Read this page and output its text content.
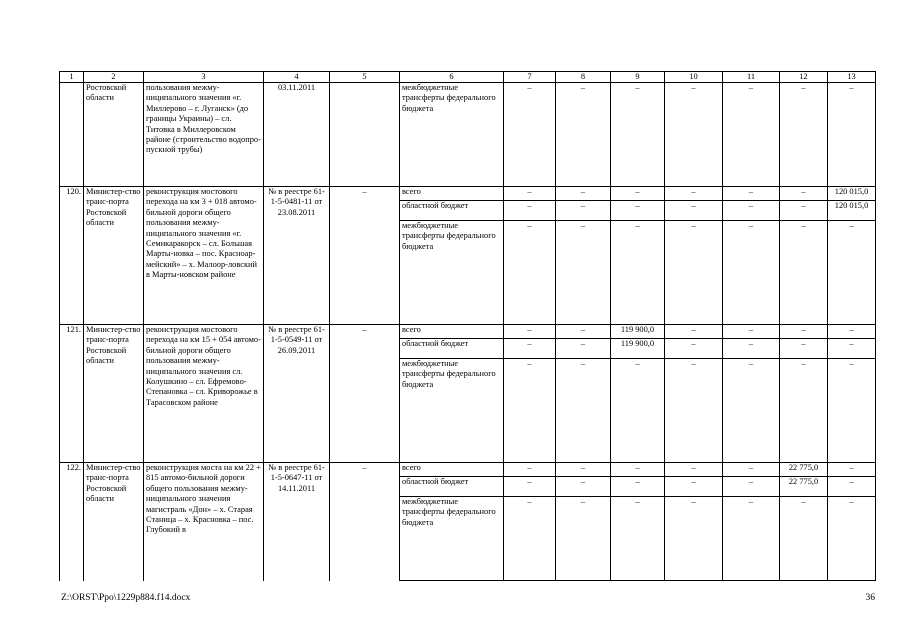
1	2	3	4	5	6	7	8	9	10	11	12	13
	Ростовской области	пользования межму-ниципального значения «г. Миллерово – г. Луганск» (до границы Украины) – сл. Титовка в Миллеровском районе (строительство водопро-пускной трубы)	03.11.2011		межбюджетные трансферты федерального бюджета	–	–	–	–	–	–	–
120.	Министер-ство транс-порта Ростовской области	реконструкция мостового перехода на км 3 + 018 автомо-бильной дороги общего пользования межму-ниципального значения «г. Семикаракорск – сл. Большая Марты-новка – пос. Краснoар-мейский» – х. Малоор-ловский в Марты-новском районе	№ в реестре 61-1-5-0481-11 от 23.08.2011	–	всего	–	–	–	–	–	–	120 015,0
					областной бюджет	–	–	–	–	–	–	120 015,0
					межбюджетные трансферты федерального бюджета	–	–	–	–	–	–	–
121.	Министер-ство транс-порта Ростовской области	реконструкция мостового перехода на км 15 + 054 автомо-бильной дороги общего пользования межму-ниципального значения сл. Колушкино – сл. Ефремово-Степановка – сл. Криворожье в Тарасовском районе	№ в реестре 61-1-5-0549-11 от 26.09.2011	–	всего	–	–	119 900,0	–	–	–	–
					областной бюджет	–	–	119 900,0	–	–	–	–
					межбюджетные трансферты федерального бюджета	–	–	–	–	–	–	–
122.	Министер-ство транс-порта Ростовской области	реконструкция моста на км 22 + 815 автомо-бильной дороги общего пользования межму-ниципального значения магистраль «Дон» – х. Старая Станица – х. Красновка – пос. Глубокий в	№ в реестре 61-1-5-0647-11 от 14.11.2011	–	всего	–	–	–	–	–	22 775,0	–
					областной бюджет	–	–	–	–	–	22 775,0	–
					межбюджетные трансферты федерального бюджета	–	–	–	–	–	–	–
Z:\ORST\Ppo\1229p884.f14.docx	36
